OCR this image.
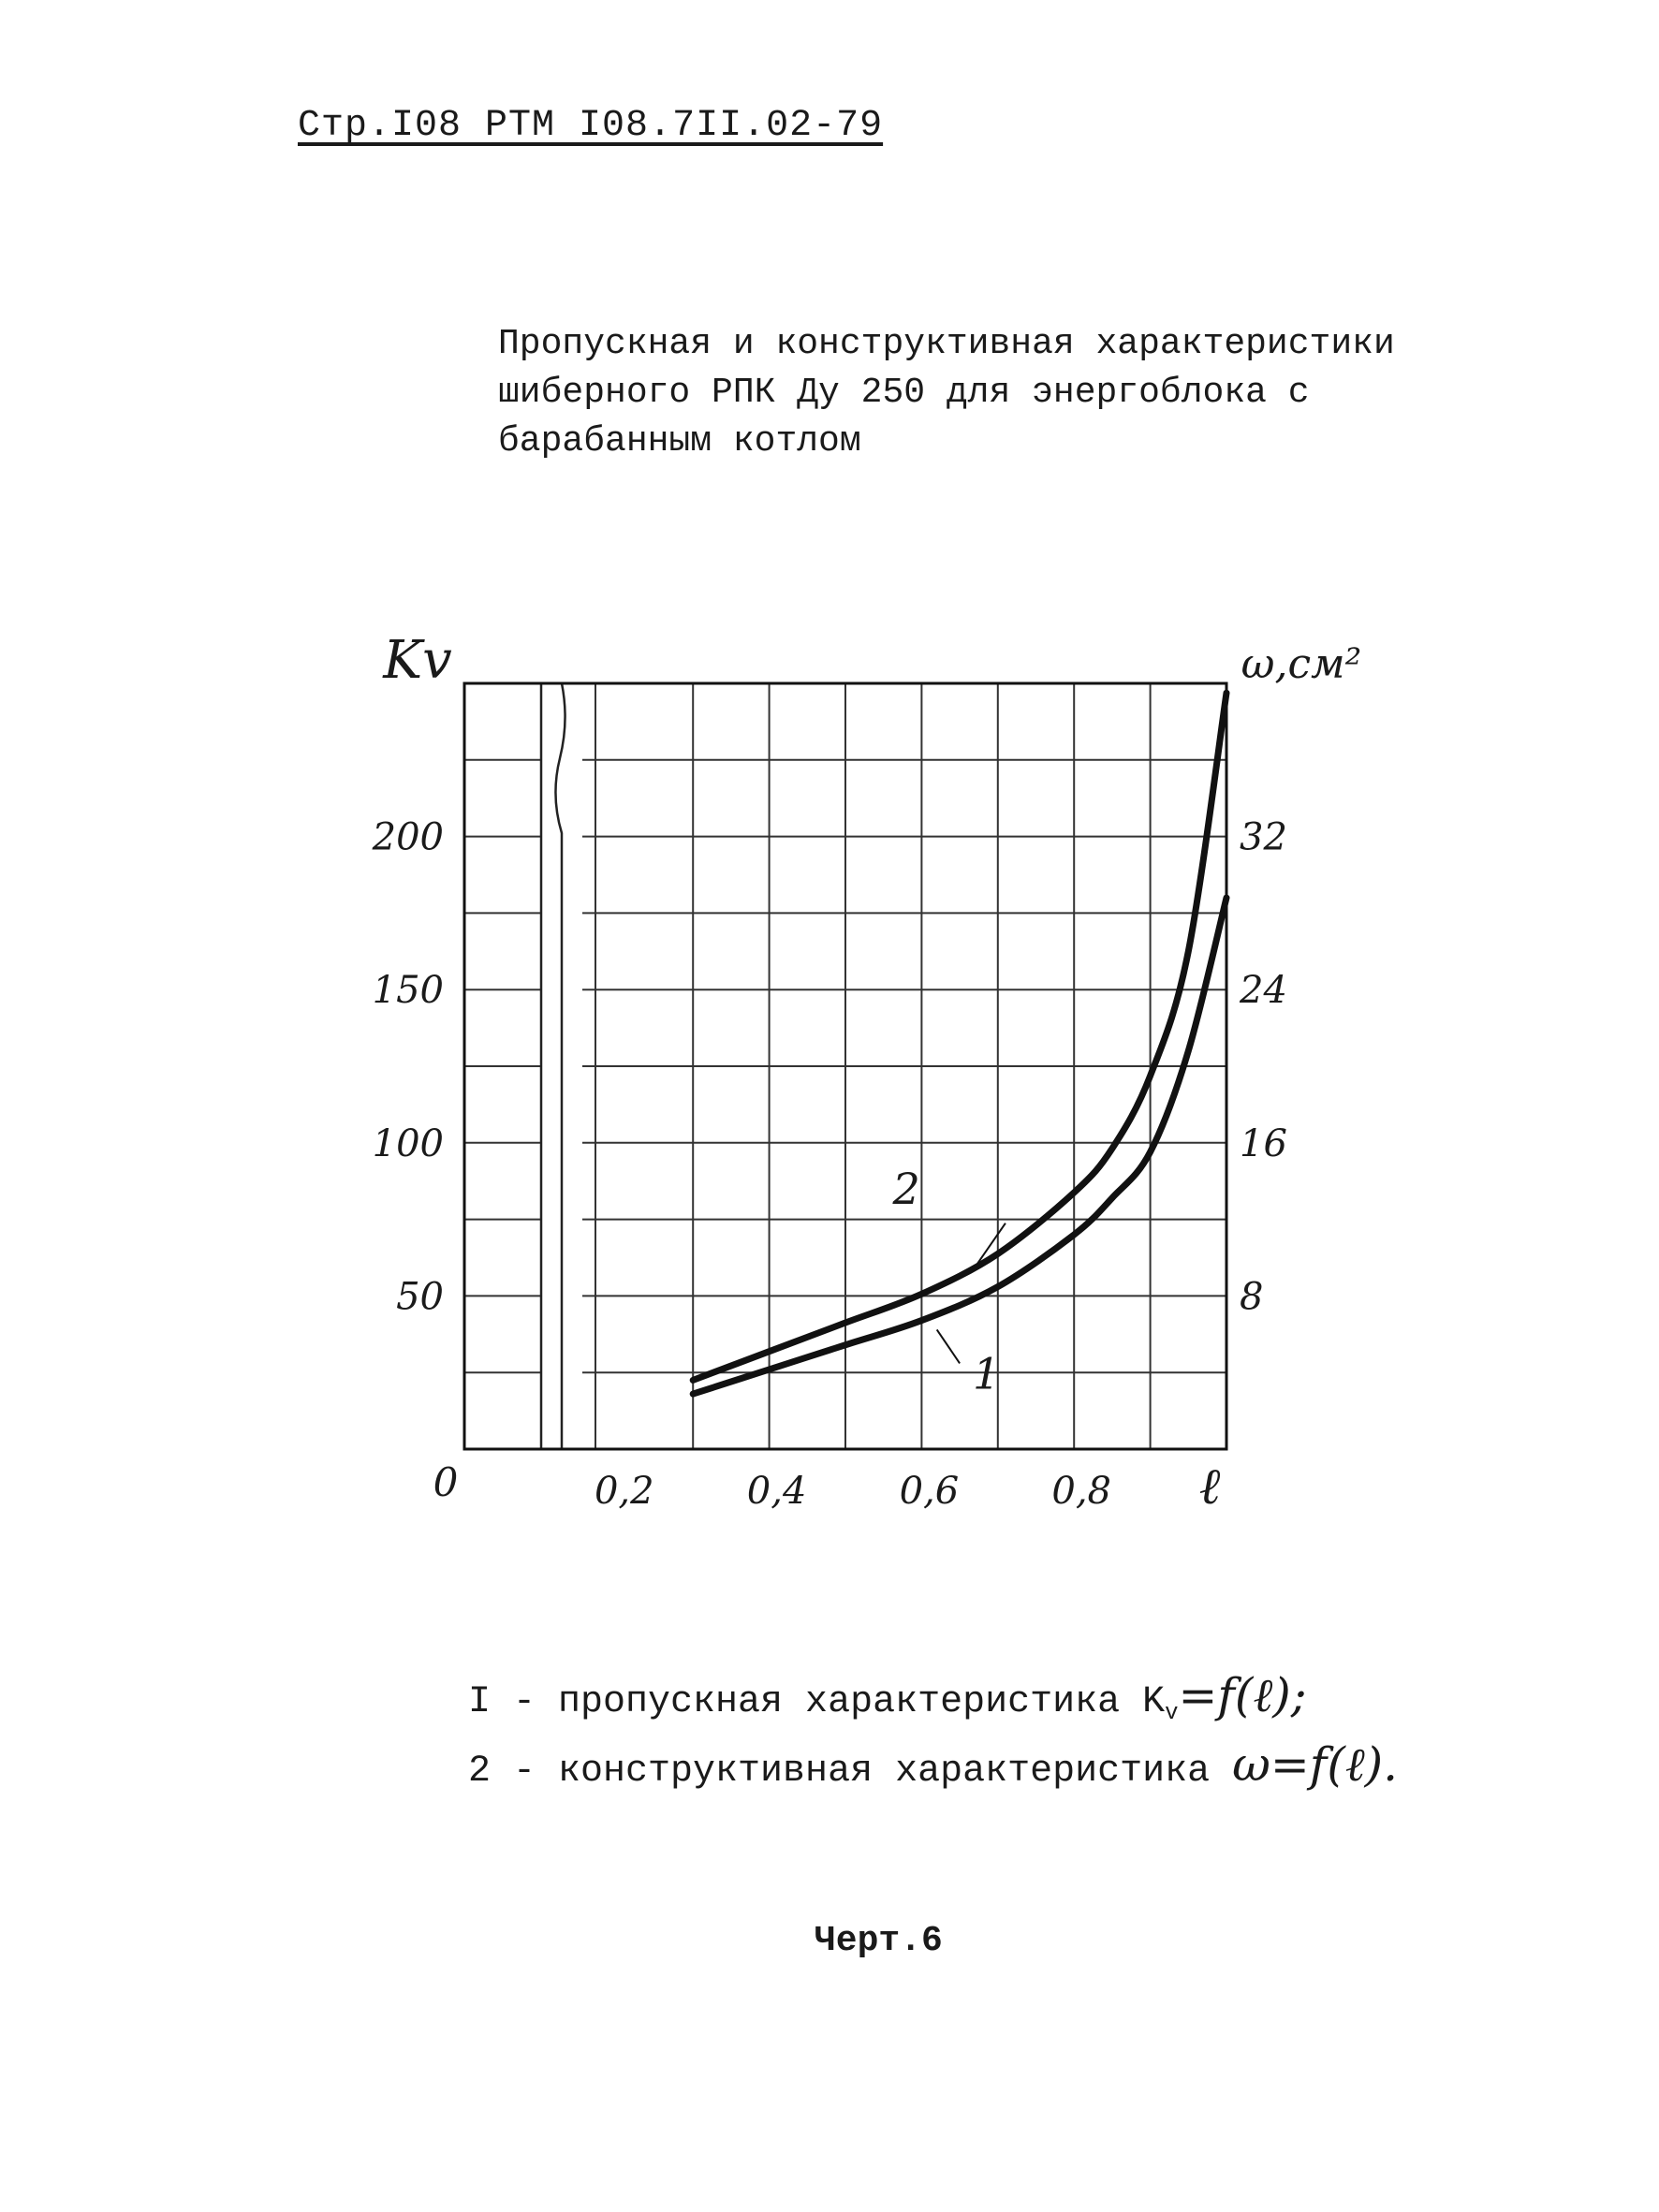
Стр.I08 РТМ I08.7II.02-79
Пропускная и конструктивная характеристики
шиберного РПК Ду 250 для энергоблока с
барабанным котлом
50
100
150
200
8
16
24
32
0,2 0,4 0,6 0,8
0
Kv	ω,см²
ℓ
2
1
I - пропускная характеристика $K_v=f(\ell)$;
2 - конструктивная характеристика ω=f(ℓ).
Черт.6
